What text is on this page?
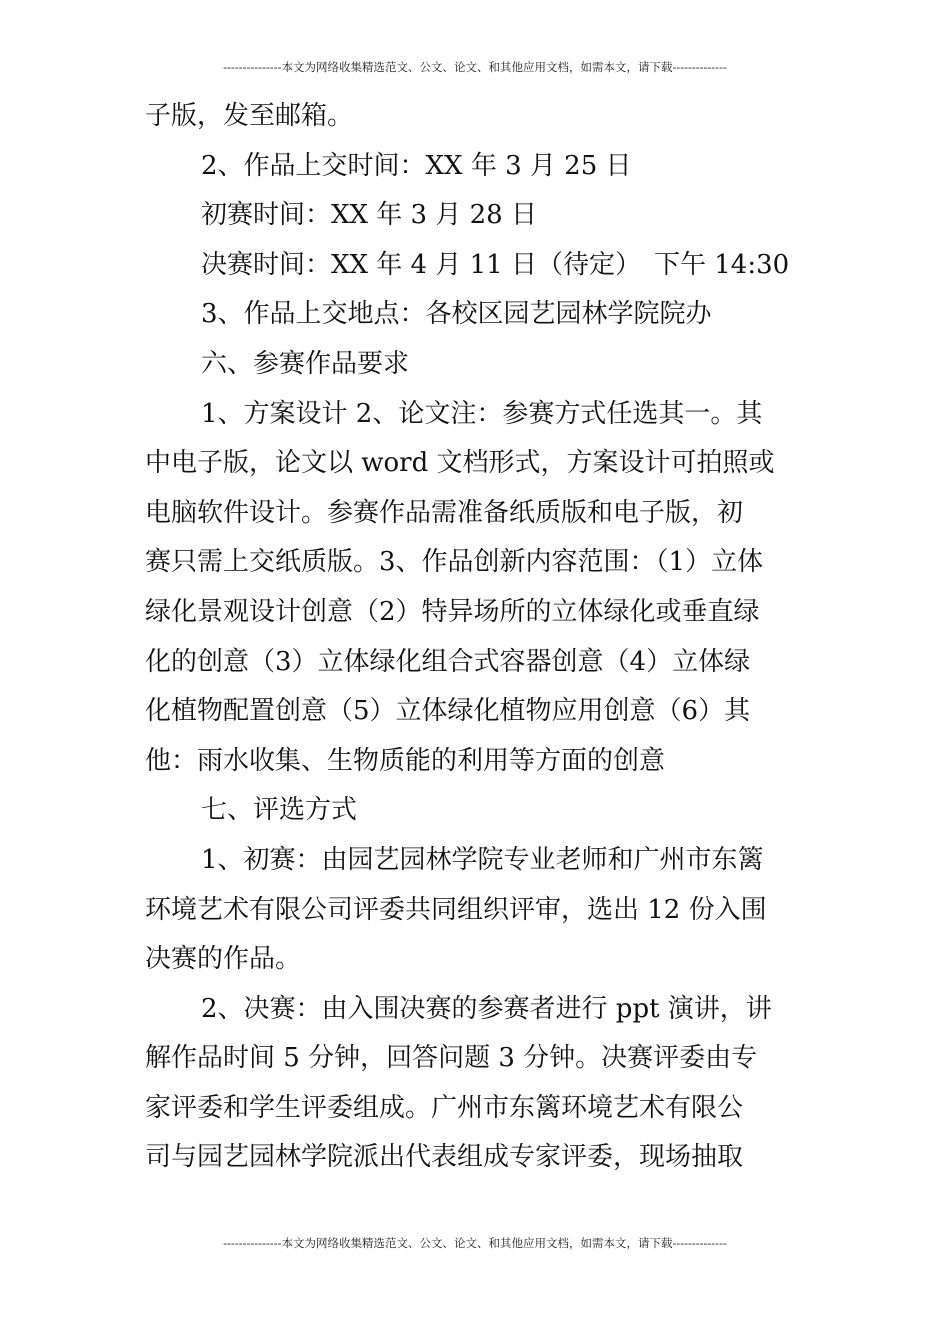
---------------本文为网络收集精选范文、公文、论文、和其他应用文档，如需本文，请下载--------------
子版，发至邮箱。
2、作品上交时间：XX 年 3 月 25 日
初赛时间：XX 年 3 月 28 日
决赛时间：XX 年 4 月 11 日（待定）　下午 14:30
3、作品上交地点：各校区园艺园林学院院办
六、参赛作品要求
1、方案设计 2、论文注：参赛方式任选其一。其
中电子版，论文以 word 文档形式，方案设计可拍照或
电脑软件设计。参赛作品需准备纸质版和电子版，初
赛只需上交纸质版。3、作品创新内容范围：（1）立体
绿化景观设计创意（2）特异场所的立体绿化或垂直绿
化的创意（3）立体绿化组合式容器创意（4）立体绿
化植物配置创意（5）立体绿化植物应用创意（6）其
他：雨水收集、生物质能的利用等方面的创意
七、评选方式
1、初赛：由园艺园林学院专业老师和广州市东篱
环境艺术有限公司评委共同组织评审，选出 12 份入围
决赛的作品。
2、决赛：由入围决赛的参赛者进行 ppt 演讲，讲
解作品时间 5 分钟，回答问题 3 分钟。决赛评委由专
家评委和学生评委组成。广州市东篱环境艺术有限公
司与园艺园林学院派出代表组成专家评委，现场抽取
---------------本文为网络收集精选范文、公文、论文、和其他应用文档，如需本文，请下载--------------
